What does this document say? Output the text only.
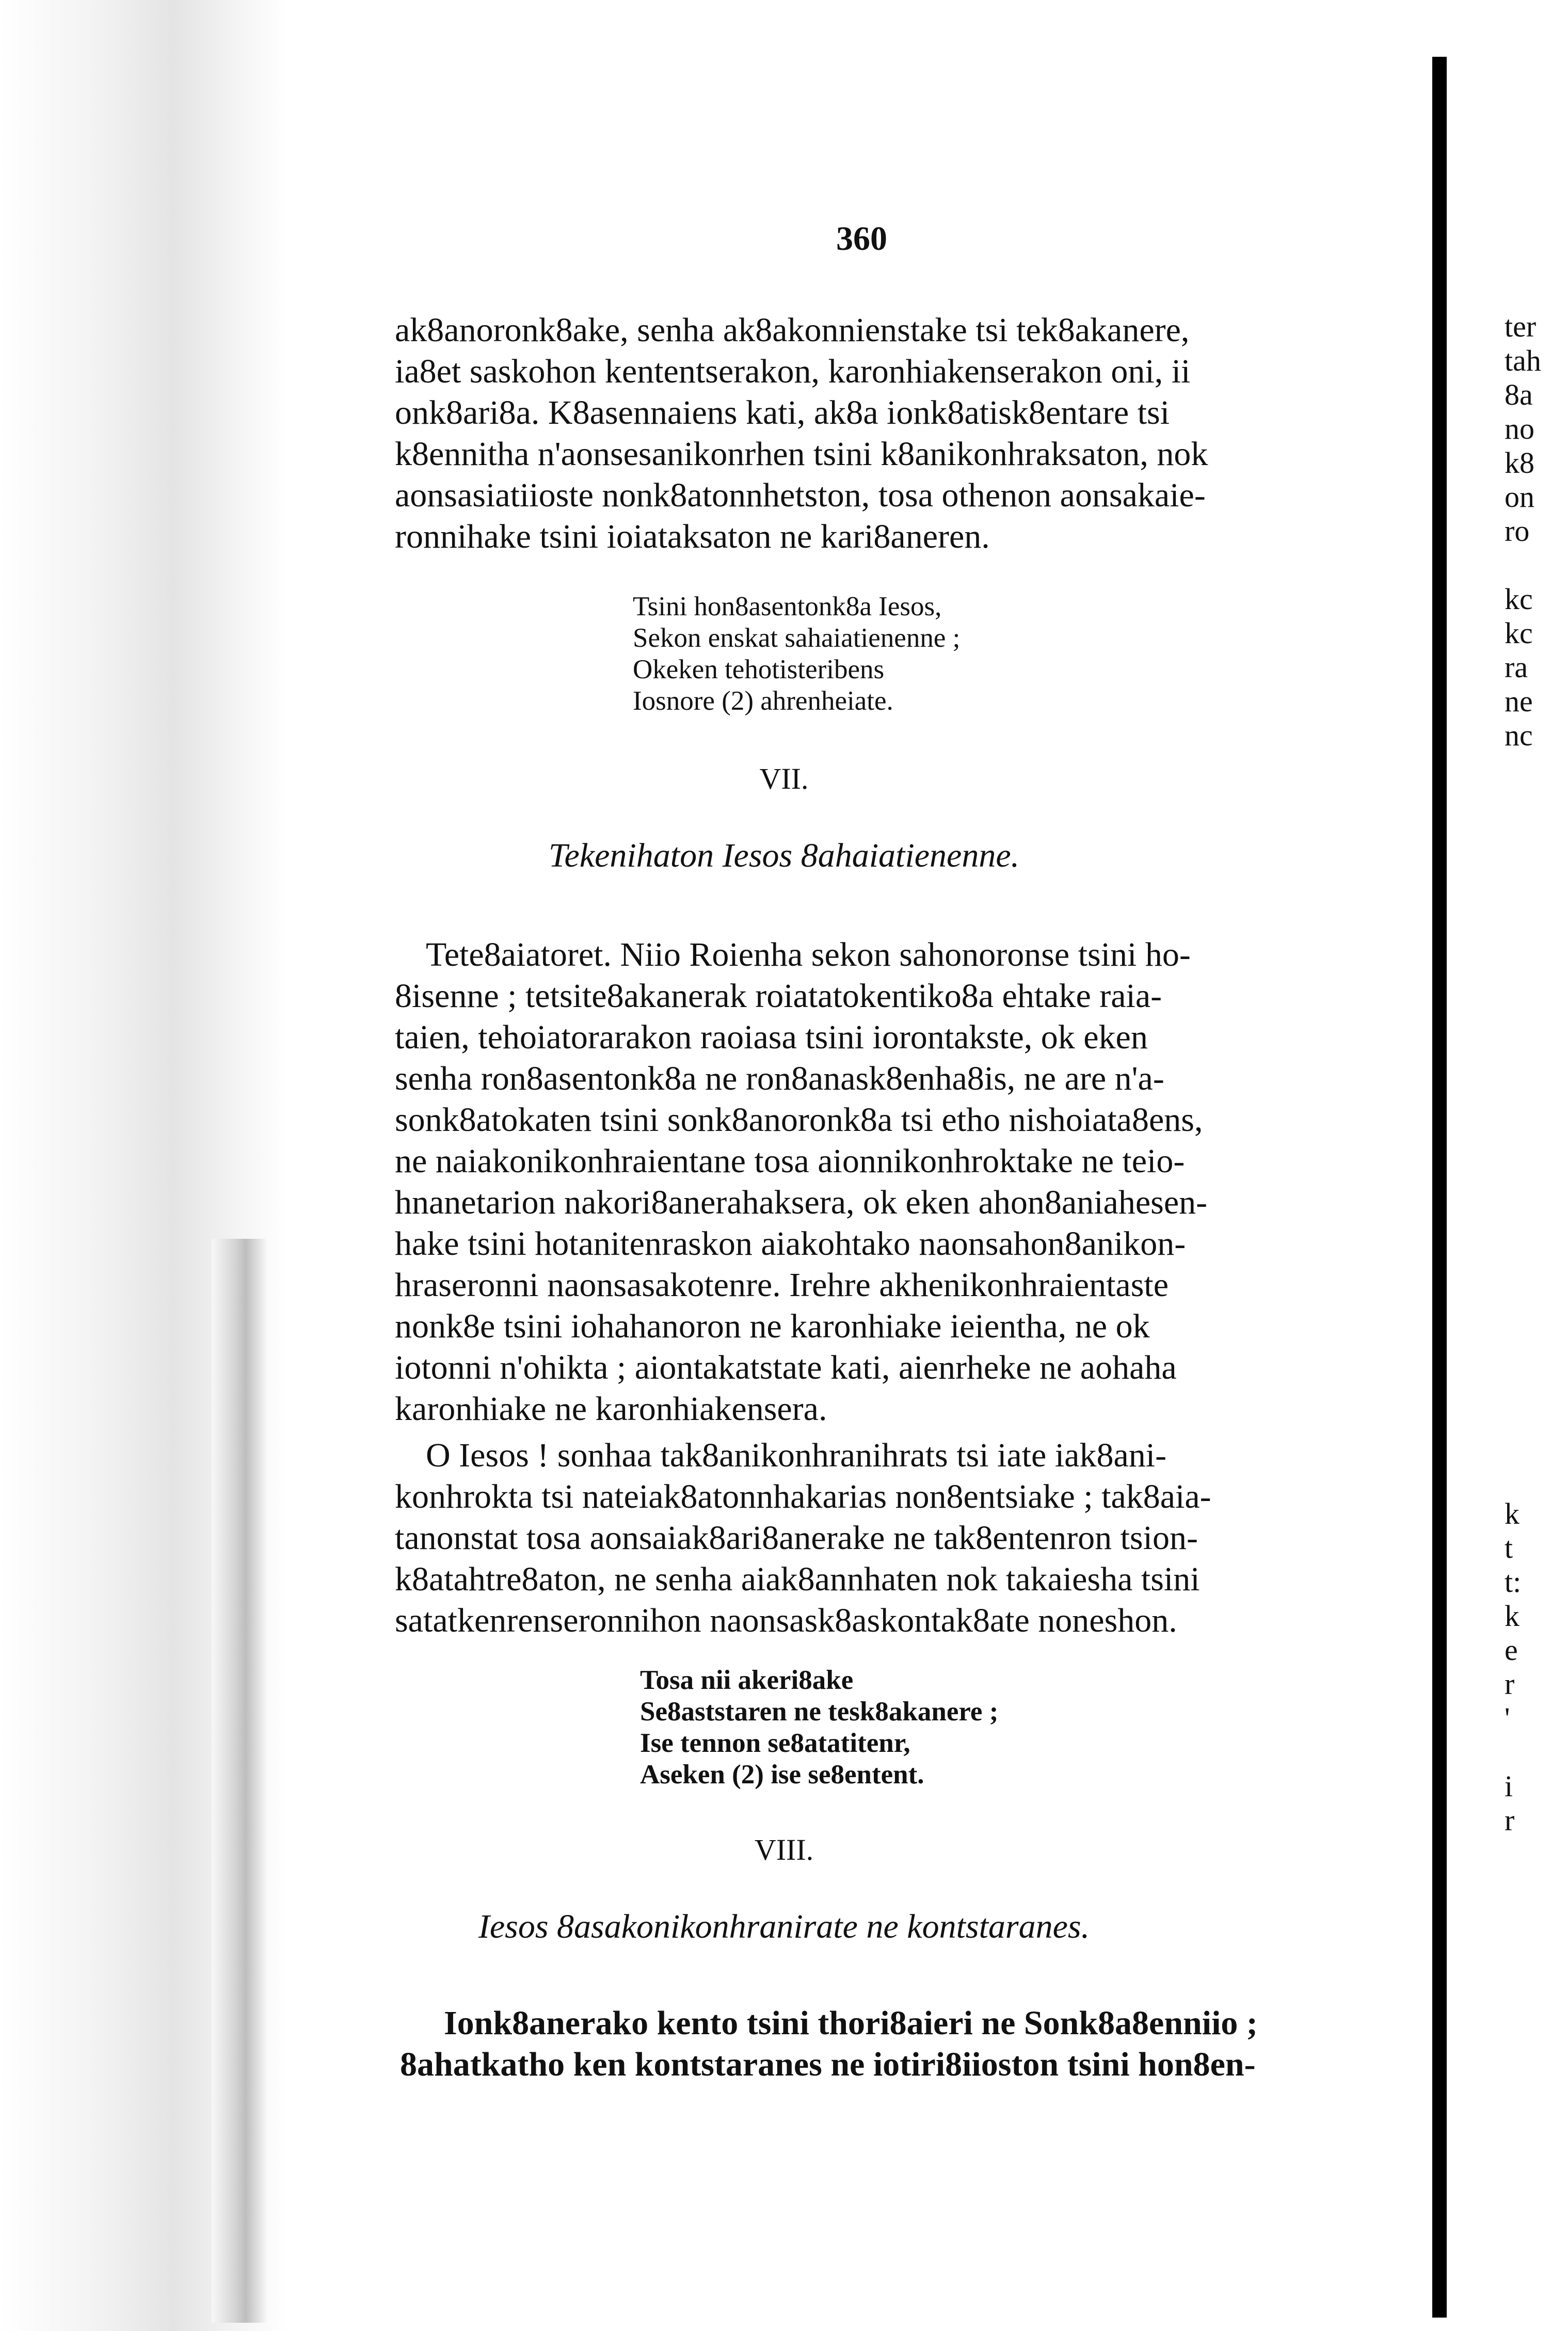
ter
tah
8a
no
k8
on
ro
kc
kc
ra
ne
nc
k
t
t:
k
e
r
'
i
r
360
ak8anoronk8ake, senha ak8akonnienstake tsi tek8akanere,
ia8et saskohon kententserakon, karonhiakenserakon oni, ii
onk8ari8a. K8asennaiens kati, ak8a ionk8atisk8entare tsi
k8ennitha n'aonsesanikonrhen tsini k8anikonhraksaton, nok
aonsasiatiioste nonk8atonnhetston, tosa othenon aonsakaie-
ronnihake tsini ioiataksaton ne kari8aneren.
Tsini hon8asentonk8a Iesos,
Sekon enskat sahaiatienenne ;
Okeken tehotisteribens
Iosnore (2) ahrenheiate.
VII.
Tekenihaton Iesos 8ahaiatienenne.
Tete8aiatoret. Niio Roienha sekon sahonoronse tsini ho-
8isenne ; tetsite8akanerak roiatatokentiko8a ehtake raia-
taien, tehoiatorarakon raoiasa tsini iorontakste, ok eken
senha ron8asentonk8a ne ron8anask8enha8is, ne are n'a-
sonk8atokaten tsini sonk8anoronk8a tsi etho nishoiata8ens,
ne naiakonikonhraientane tosa aionnikonhroktake ne teio-
hnanetarion nakori8anerahaksera, ok eken ahon8aniahesen-
hake tsini hotanitenraskon aiakohtako naonsahon8anikon-
hraseronni naonsasakotenre. Irehre akhenikonhraientaste
nonk8e tsini iohahanoron ne karonhiake ieientha, ne ok
iotonni n'ohikta ; aiontakatstate kati, aienrheke ne aohaha
karonhiake ne karonhiakensera.
O Iesos ! sonhaa tak8anikonhranihrats tsi iate iak8ani-
konhrokta tsi nateiak8atonnhakarias non8entsiake ; tak8aia-
tanonstat tosa aonsaiak8ari8anerake ne tak8entenron tsion-
k8atahtre8aton, ne senha aiak8annhaten nok takaiesha tsini
satatkenrenseronnihon naonsask8askontak8ate noneshon.
Tosa nii akeri8ake
Se8aststaren ne tesk8akanere ;
Ise tennon se8atatitenr,
Aseken (2) ise se8entent.
VIII.
Iesos 8asakonikonhranirate ne kontstaranes.
Ionk8anerako kento tsini thori8aieri ne Sonk8a8enniio ;
8ahatkatho ken kontstaranes ne iotiri8iioston tsini hon8en-
